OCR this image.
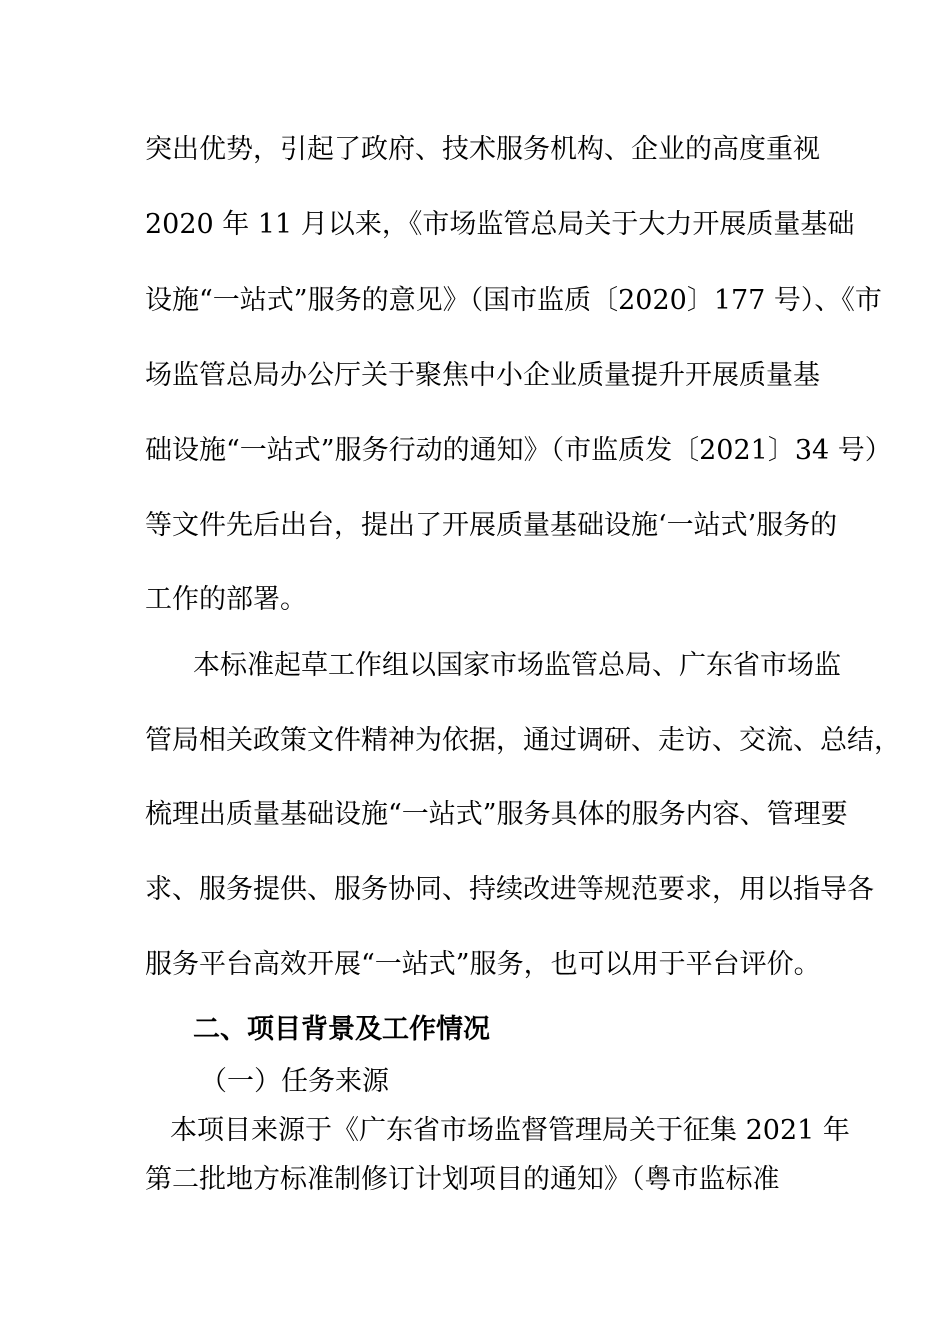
突出优势，引起了政府、技术服务机构、企业的高度重视
2020 年 11 月以来，《市场监管总局关于大力开展质量基础
设施“一站式”服务的意见》（国市监质〔2020〕177 号）、《市
场监管总局办公厅关于聚焦中小企业质量提升开展质量基
础设施“一站式”服务行动的通知》（市监质发〔2021〕34 号）
等文件先后出台，提出了开展质量基础设施‘一站式’服务的
工作的部署。
本标准起草工作组以国家市场监管总局、广东省市场监
管局相关政策文件精神为依据，通过调研、走访、交流、总结，
梳理出质量基础设施“一站式”服务具体的服务内容、管理要
求、服务提供、服务协同、持续改进等规范要求，用以指导各
服务平台高效开展“一站式”服务，也可以用于平台评价。
二、项目背景及工作情况
（一）任务来源
本项目来源于《广东省市场监督管理局关于征集 2021 年
第二批地方标准制修订计划项目的通知》（粤市监标准
